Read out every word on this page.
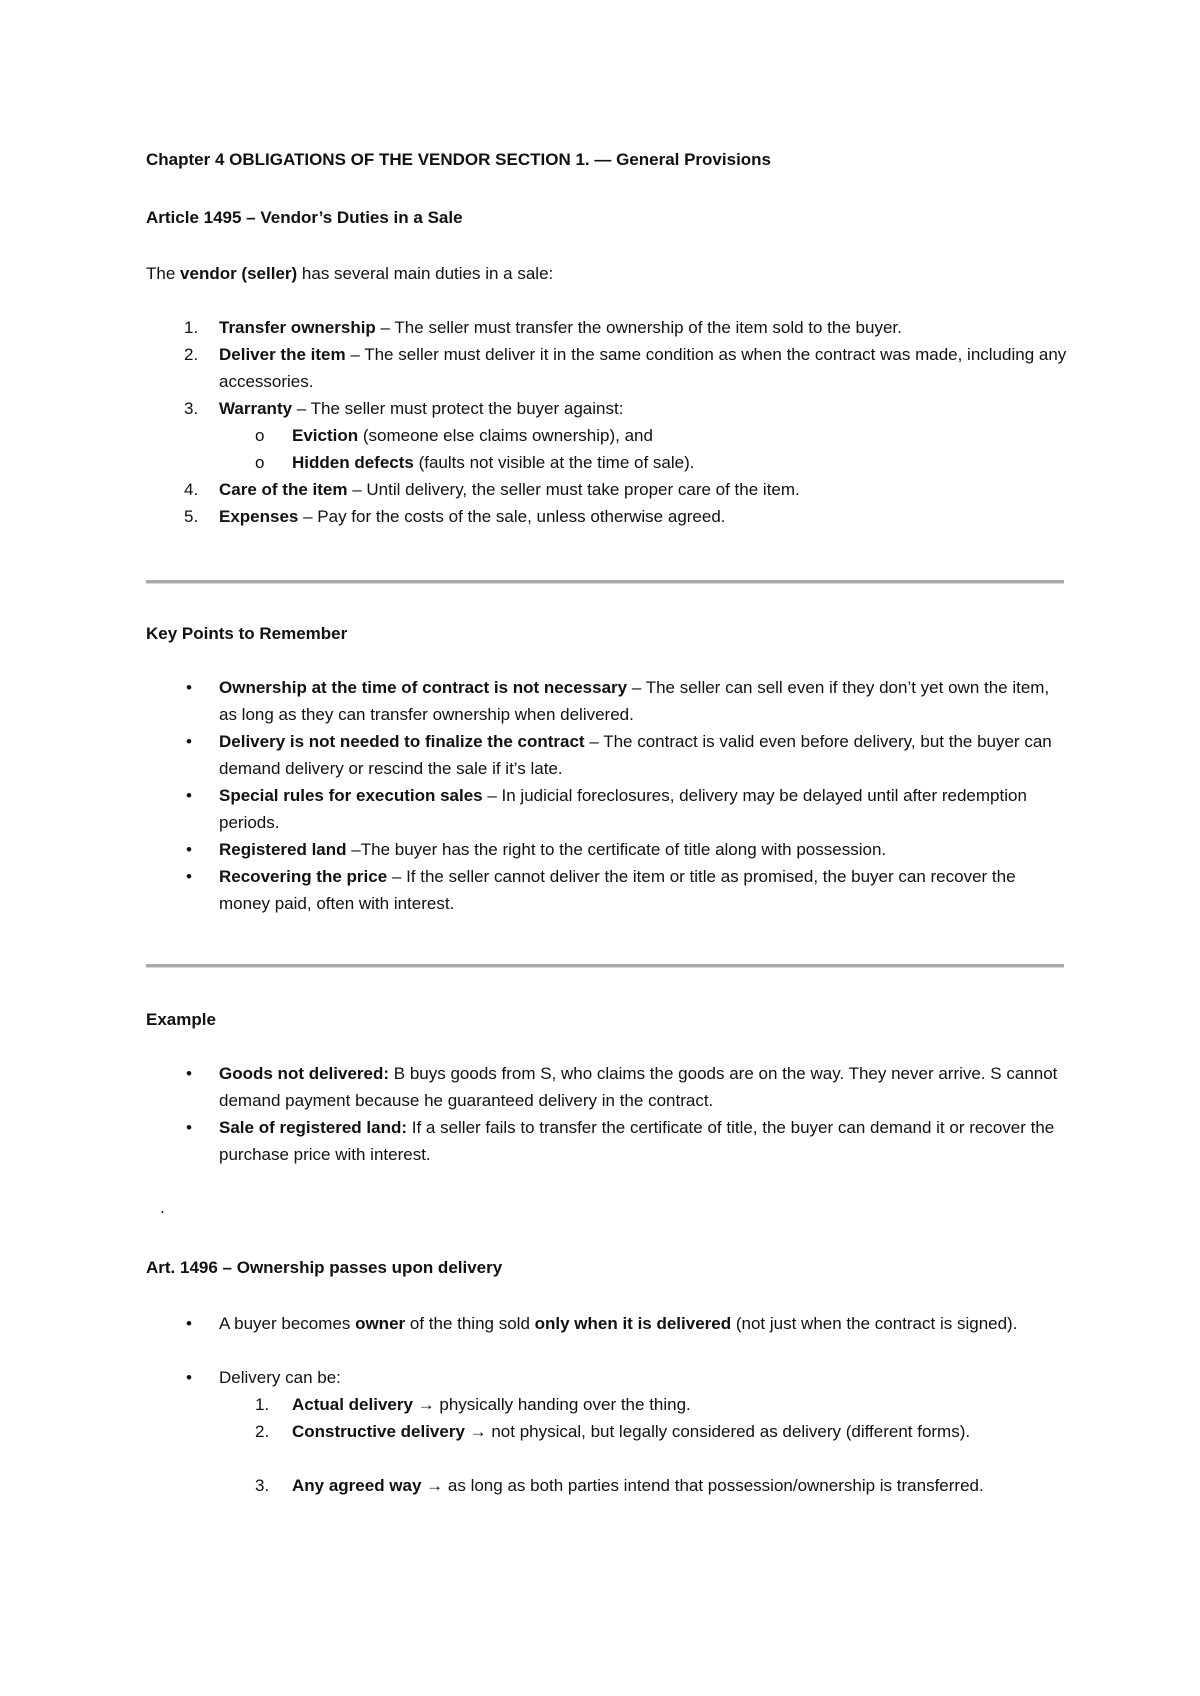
Chapter 4 OBLIGATIONS OF THE VENDOR SECTION 1. — General Provisions
Article 1495 – Vendor’s Duties in a Sale
The vendor (seller) has several main duties in a sale:
1. Transfer ownership – The seller must transfer the ownership of the item sold to the buyer.
2. Deliver the item – The seller must deliver it in the same condition as when the contract was made, including any accessories.
3. Warranty – The seller must protect the buyer against:
o Eviction (someone else claims ownership), and
o Hidden defects (faults not visible at the time of sale).
4. Care of the item – Until delivery, the seller must take proper care of the item.
5. Expenses – Pay for the costs of the sale, unless otherwise agreed.
Key Points to Remember
• Ownership at the time of contract is not necessary – The seller can sell even if they don’t yet own the item, as long as they can transfer ownership when delivered.
• Delivery is not needed to finalize the contract – The contract is valid even before delivery, but the buyer can demand delivery or rescind the sale if it’s late.
• Special rules for execution sales – In judicial foreclosures, delivery may be delayed until after redemption periods.
• Registered land –The buyer has the right to the certificate of title along with possession.
• Recovering the price – If the seller cannot deliver the item or title as promised, the buyer can recover the money paid, often with interest.
Example
• Goods not delivered: B buys goods from S, who claims the goods are on the way. They never arrive. S cannot demand payment because he guaranteed delivery in the contract.
• Sale of registered land: If a seller fails to transfer the certificate of title, the buyer can demand it or recover the purchase price with interest.
.
Art. 1496 – Ownership passes upon delivery
• A buyer becomes owner of the thing sold only when it is delivered (not just when the contract is signed).
• Delivery can be:
1. Actual delivery → physically handing over the thing.
2. Constructive delivery → not physical, but legally considered as delivery (different forms).
3. Any agreed way → as long as both parties intend that possession/ownership is transferred.
